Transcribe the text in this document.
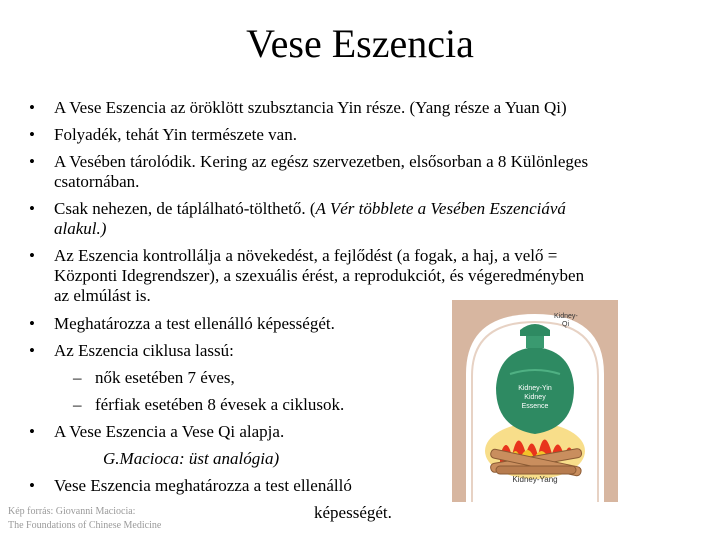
Vese Eszencia
•	A Vese Eszencia az öröklött szubsztancia Yin része. (Yang része a Yuan Qi)
•	Folyadék, tehát Yin természete van.
•	A Vesében tárolódik. Kering az egész szervezetben, elsősorban a 8 Különleges
csatornában.
•	Csak nehezen, de táplálható-tölthető. (A Vér többlete a Vesében Eszenciává
alakul.)
•	Az Eszencia kontrollálja a növekedést, a fejlődést (a fogak, a haj, a velő =
Központi Idegrendszer), a szexuális érést, a reprodukciót, és végeredményben
az elmúlást is.
•	Meghatározza a test ellenálló képességét.
•	Az Eszencia ciklusa lassú:
– nők esetében 7 éves,
– férfiak esetében 8 évesek a ciklusok.
•	A Vese Eszencia a Vese Qi alapja.
G.Macioca: üst analógia)
•	Vese Eszencia meghatározza a test ellenálló
képességét.
Kép forrás: Giovanni Maciocia:
The Foundations of Chinese Medicine
Kidney-
Qi
Kidney-Yin
Kidney
Essence
Kidney-Yang
